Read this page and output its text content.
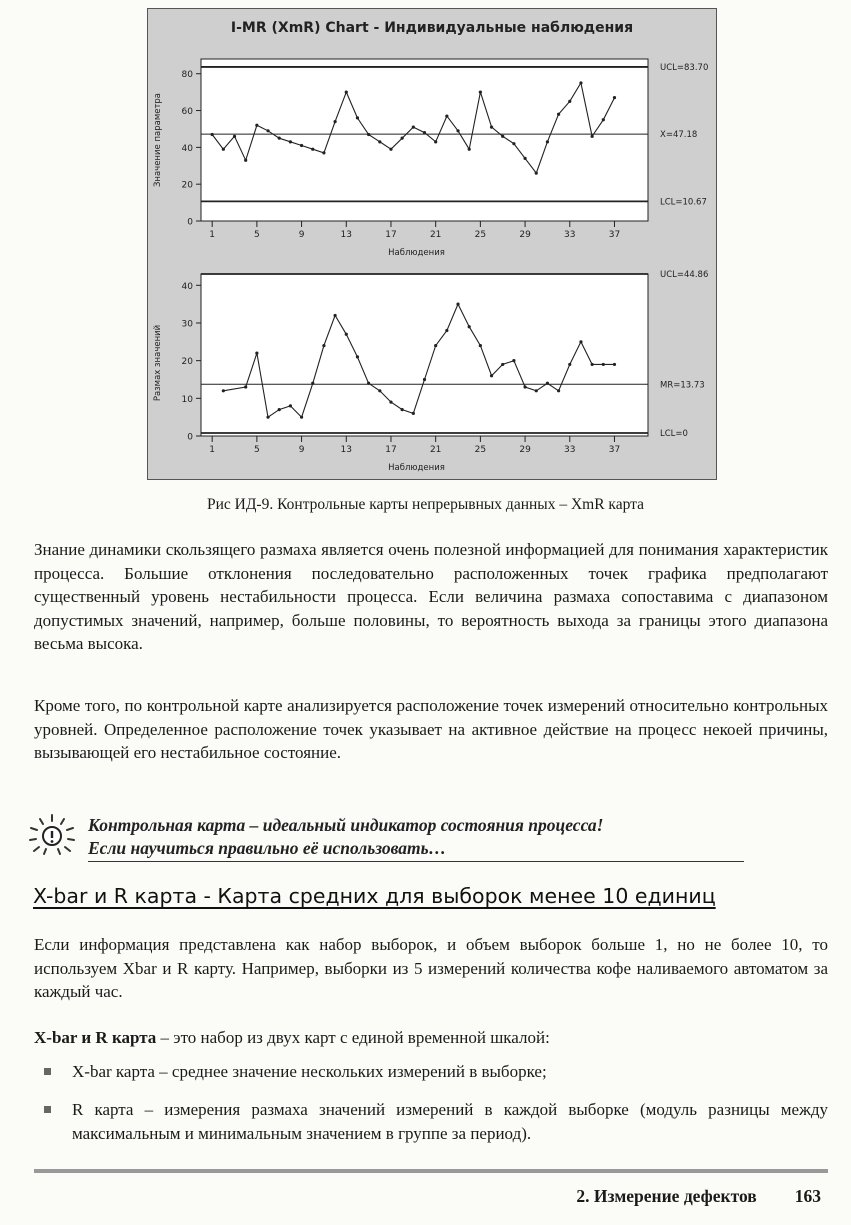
I-MR (XmR) Chart - Индивидуальные наблюдения
0
20
40
60
80
1	5	9	13	17	21	25	29	33	37
UCL=83.70
X=47.18
LCL=10.67
Наблюдения
Значение параметра
0
10
20
30
40
1	5	9	13	17	21	25	29	33	37
UCL=44.86
MR=13.73
LCL=0
Наблюдения
Размах значений
Рис ИД-9. Контрольные карты непрерывных данных – XmR карта

Знание динамики скользящего размаха является очень полезной информацией для понимания характеристик процесса. Большие отклонения последовательно расположенных точек графика предполагают существенный уровень нестабильности процесса. Если величина размаха сопоставима с диапазоном допустимых значений, например, больше половины, то вероятность выхода за границы этого диапазона весьма высока.

Кроме того, по контрольной карте анализируется расположение точек измерений относительно контрольных уровней. Определенное расположение точек указывает на активное действие на процесс некоей причины, вызывающей его нестабильное состояние.

Контрольная карта – идеальный индикатор состояния процесса!
Если научиться правильно её использовать…
X-bar и R карта - Карта средних для выборок менее 10 единиц

Если информация представлена как набор выборок, и объем выборок больше 1, но не более 10, то используем Xbar и R карту. Например, выборки из 5 измерений количества кофе наливаемого автоматом за каждый час.

X-bar и R карта – это набор из двух карт с единой временной шкалой:

X-bar карта – среднее значение нескольких измерений в выборке;
R карта – измерения размаха значений измерений в каждой выборке (модуль разницы между максимальным и минимальным значением в группе за период).
2. Измерение дефектов 163
